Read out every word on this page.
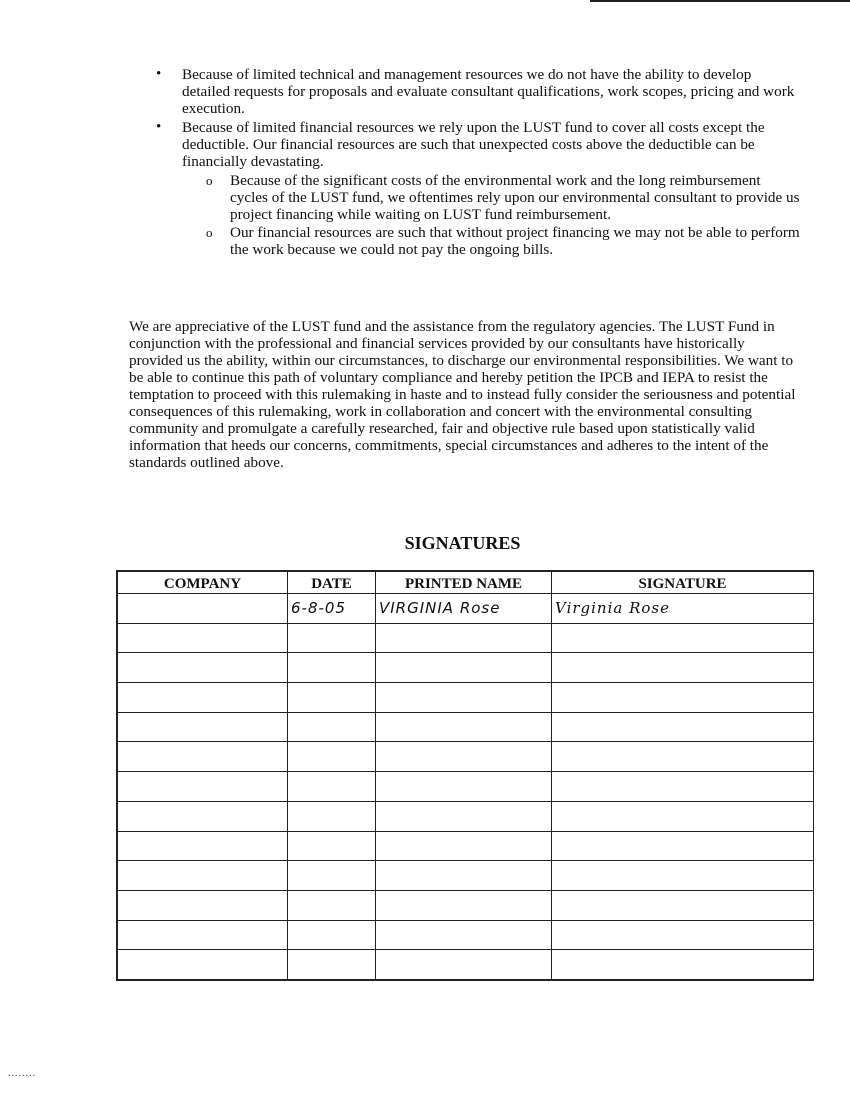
• Because of limited technical and management resources we do not have the ability to develop detailed requests for proposals and evaluate consultant qualifications, work scopes, pricing and work execution.
• Because of limited financial resources we rely upon the LUST fund to cover all costs except the deductible. Our financial resources are such that unexpected costs above the deductible can be financially devastating.
o Because of the significant costs of the environmental work and the long reimbursement cycles of the LUST fund, we oftentimes rely upon our environmental consultant to provide us project financing while waiting on LUST fund reimbursement.
o Our financial resources are such that without project financing we may not be able to perform the work because we could not pay the ongoing bills.

We are appreciative of the LUST fund and the assistance from the regulatory agencies. The LUST Fund in conjunction with the professional and financial services provided by our consultants have historically provided us the ability, within our circumstances, to discharge our environmental responsibilities. We want to be able to continue this path of voluntary compliance and hereby petition the IPCB and IEPA to resist the temptation to proceed with this rulemaking in haste and to instead fully consider the seriousness and potential consequences of this rulemaking, work in collaboration and concert with the environmental consulting community and promulgate a carefully researched, fair and objective rule based upon statistically valid information that heeds our concerns, commitments, special circumstances and adheres to the intent of the standards outlined above.

SIGNATURES
COMPANY	DATE	PRINTED NAME	SIGNATURE
	6-8-05	VIRGINIA Rose	Virginia Rose

........
